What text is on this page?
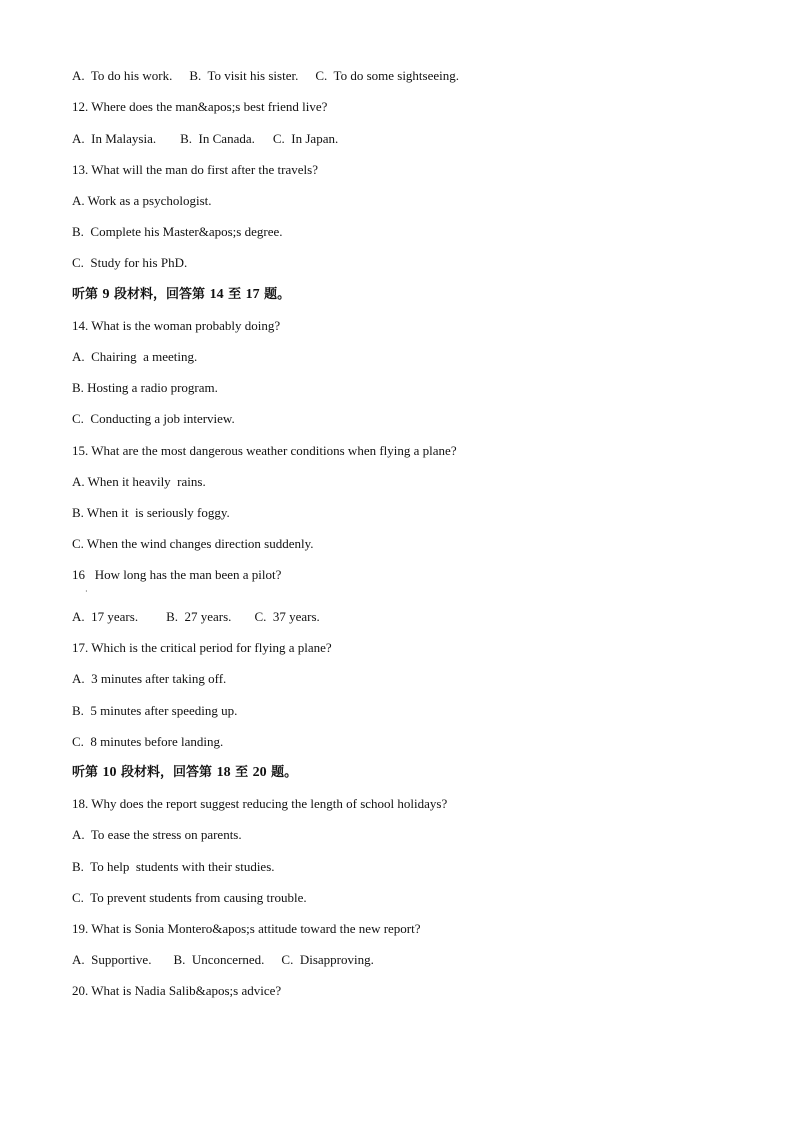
A.  To do his work. B.  To visit his sister. C.  To do some sightseeing.
12. Where does the man&apos;s best friend live?
A.  In Malaysia. B.  In Canada. C.  In Japan.
13. What will the man do first after the travels?
A. Work as a psychologist.
B.  Complete his Master&apos;s degree.
C.  Study for his PhD.
听第 9 段材料，回答第 14 至 17 题。
14. What is the woman probably doing?
A.  Chairing  a meeting.
B. Hosting a radio program.
C.  Conducting a job interview.
15. What are the most dangerous weather conditions when flying a plane?
A. When it heavily  rains.
B. When it  is seriously foggy.
C. When the wind changes direction suddenly.
16   How long has the man been a pilot?
·
A.  17 years. B.  27 years. C.  37 years.
17. Which is the critical period for flying a plane?
A.  3 minutes after taking off.
B.  5 minutes after speeding up.
C.  8 minutes before landing.
听第 10 段材料，回答第 18 至 20 题。
18. Why does the report suggest reducing the length of school holidays?
A.  To ease the stress on parents.
B.  To help  students with their studies.
C.  To prevent students from causing trouble.
19. What is Sonia Montero&apos;s attitude toward the new report?
A.  Supportive. B.  Unconcerned. C.  Disapproving.
20. What is Nadia Salib&apos;s advice?
